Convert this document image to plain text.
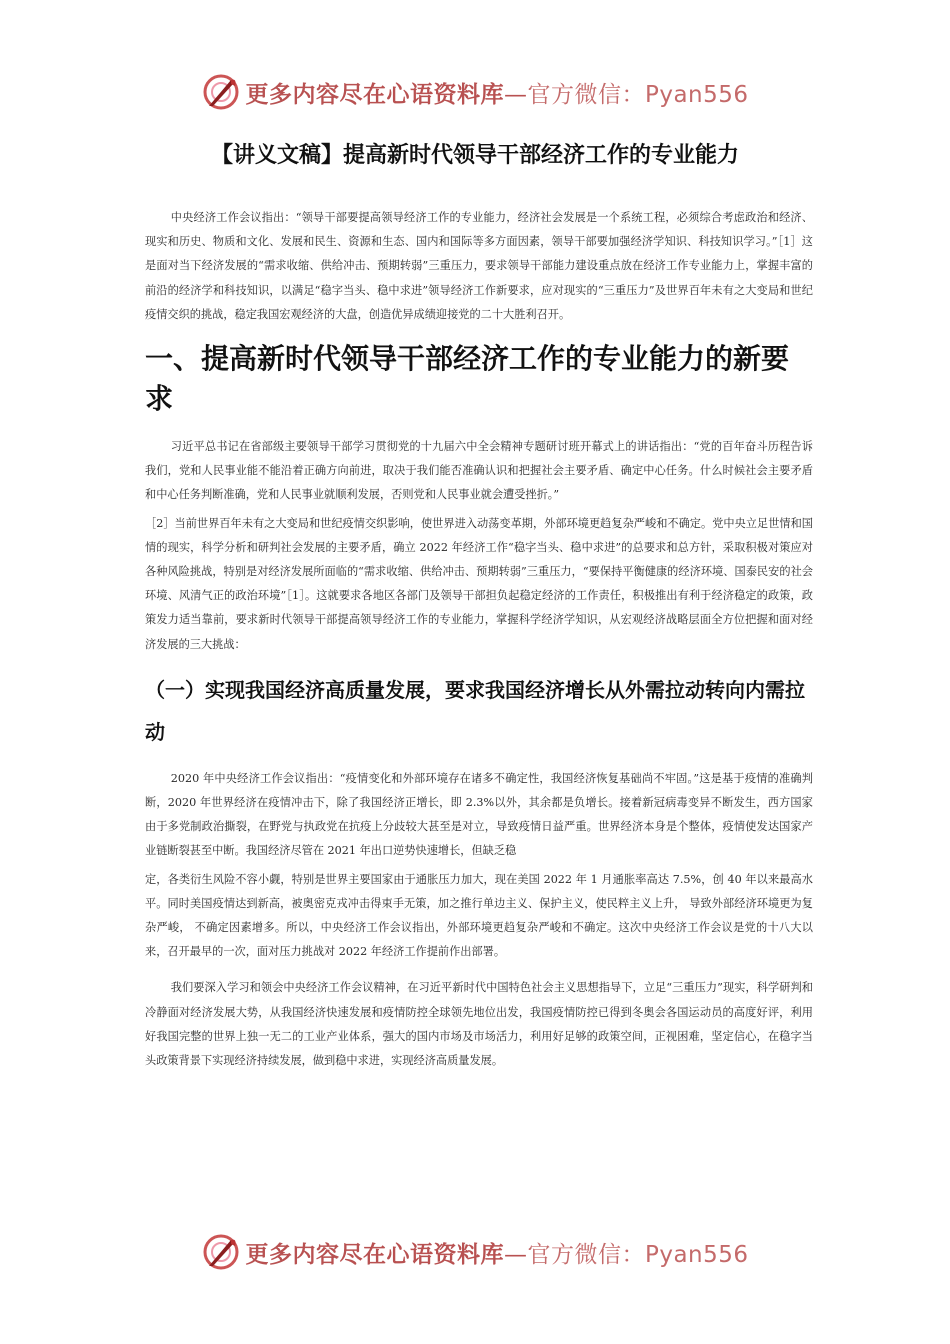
更多内容尽在心语资料库—官方微信：Pyan556
【讲义文稿】提高新时代领导干部经济工作的专业能力

中央经济工作会议指出：“领导干部要提高领导经济工作的专业能力，经济社会发展是一个系统工程，必须综合考虑政治和经济、现实和历史、物质和文化、发展和民生、资源和生态、国内和国际等多方面因素，领导干部要加强经济学知识、科技知识学习。”［1］这是面对当下经济发展的“需求收缩、供给冲击、预期转弱”三重压力，要求领导干部能力建设重点放在经济工作专业能力上，掌握丰富的前沿的经济学和科技知识，以满足“稳字当头、稳中求进”领导经济工作新要求，应对现实的“三重压力”及世界百年未有之大变局和世纪疫情交织的挑战，稳定我国宏观经济的大盘，创造优异成绩迎接党的二十大胜利召开。

一、提高新时代领导干部经济工作的专业能力的新要求

习近平总书记在省部级主要领导干部学习贯彻党的十九届六中全会精神专题研讨班开幕式上的讲话指出：“党的百年奋斗历程告诉我们，党和人民事业能不能沿着正确方向前进，取决于我们能否准确认识和把握社会主要矛盾、确定中心任务。什么时候社会主要矛盾和中心任务判断准确，党和人民事业就顺利发展，否则党和人民事业就会遭受挫折。”

［2］当前世界百年未有之大变局和世纪疫情交织影响，使世界进入动荡变革期，外部环境更趋复杂严峻和不确定。党中央立足世情和国情的现实，科学分析和研判社会发展的主要矛盾，确立 2022 年经济工作“稳字当头、稳中求进”的总要求和总方针，采取积极对策应对各种风险挑战，特别是对经济发展所面临的“需求收缩、供给冲击、预期转弱”三重压力，“要保持平衡健康的经济环境、国泰民安的社会环境、风清气正的政治环境”［1］。这就要求各地区各部门及领导干部担负起稳定经济的工作责任，积极推出有利于经济稳定的政策，政策发力适当靠前，要求新时代领导干部提高领导经济工作的专业能力，掌握科学经济学知识，从宏观经济战略层面全方位把握和面对经济发展的三大挑战：

（一）实现我国经济高质量发展，要求我国经济增长从外需拉动转向内需拉动

2020 年中央经济工作会议指出：“疫情变化和外部环境存在诸多不确定性，我国经济恢复基础尚不牢固。”这是基于疫情的准确判断，2020 年世界经济在疫情冲击下，除了我国经济正增长，即 2.3%以外，其余都是负增长。接着新冠病毒变异不断发生，西方国家由于多党制政治撕裂，在野党与执政党在抗疫上分歧较大甚至是对立，导致疫情日益严重。世界经济本身是个整体，疫情使发达国家产业链断裂甚至中断。我国经济尽管在 2021 年出口逆势快速增长，但缺乏稳

定，各类衍生风险不容小觑，特别是世界主要国家由于通胀压力加大，现在美国 2022 年 1 月通胀率高达 7.5%，创 40 年以来最高水平。同时美国疫情达到新高，被奥密克戎冲击得束手无策，加之推行单边主义、保护主义，使民粹主义上升， 导致外部经济环境更为复杂严峻， 不确定因素增多。所以，中央经济工作会议指出，外部环境更趋复杂严峻和不确定。这次中央经济工作会议是党的十八大以来，召开最早的一次，面对压力挑战对 2022 年经济工作提前作出部署。

我们要深入学习和领会中央经济工作会议精神，在习近平新时代中国特色社会主义思想指导下，立足“三重压力”现实，科学研判和冷静面对经济发展大势，从我国经济快速发展和疫情防控全球领先地位出发，我国疫情防控已得到冬奥会各国运动员的高度好评，利用好我国完整的世界上独一无二的工业产业体系，强大的国内市场及市场活力，利用好足够的政策空间，正视困难，坚定信心，在稳字当头政策背景下实现经济持续发展，做到稳中求进，实现经济高质量发展。

更多内容尽在心语资料库—官方微信：Pyan556
